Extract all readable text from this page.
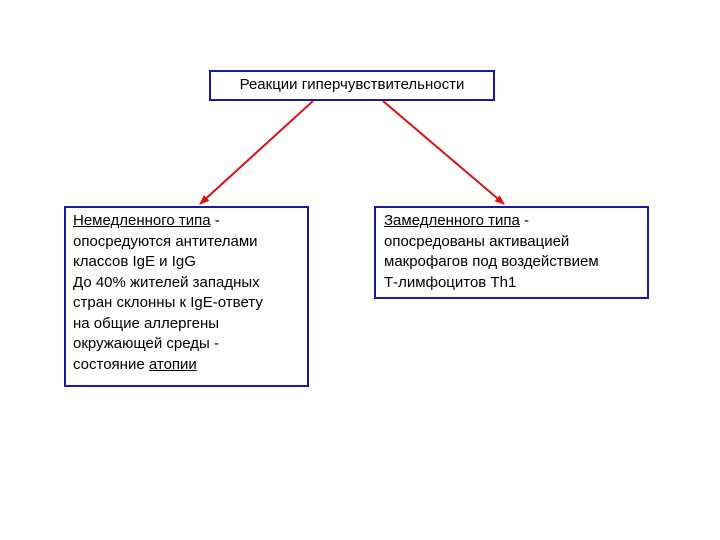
Реакции гиперчувствительности
Немедленного типа -
опосредуются антителами
классов IgE и IgG
До 40% жителей западных
стран склонны к IgE-ответу
на общие аллергены
окружающей среды -
состояние атопии
Замедленного типа -
опосредованы активацией
макрофагов под воздействием
Т-лимфоцитов Th1
